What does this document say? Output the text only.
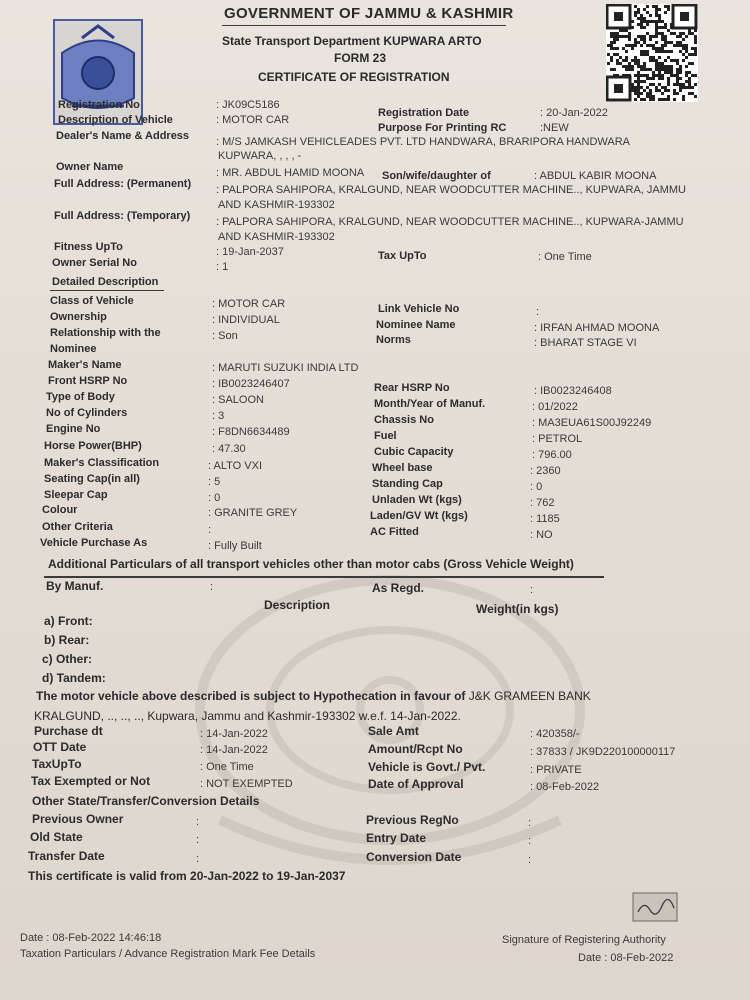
GOVERNMENT OF JAMMU & KASHMIR
State Transport Department KUPWARA ARTO
FORM 23
CERTIFICATE OF REGISTRATION
Registration No	: JK09C5186
Registration Date	: 20-Jan-2022
Description of Vehicle	: MOTOR CAR
Purpose For Printing RC	:NEW
Dealer's Name & Address : M/S JAMKASH VEHICLEADES PVT. LTD HANDWARA, BRARIPORA HANDWARA
KUPWARA, , , , -
Owner Name	: MR. ABDUL HAMID MOONA Son/wife/daughter of	: ABDUL KABIR MOONA
Full Address: (Permanent) : PALPORA SAHIPORA, KRALGUND, NEAR WOODCUTTER MACHINE.., KUPWARA, JAMMU
AND KASHMIR-193302
Full Address: (Temporary) : PALPORA SAHIPORA, KRALGUND, NEAR WOODCUTTER MACHINE.., KUPWARA-JAMMU
AND KASHMIR-193302
Fitness UpTo	: 19-Jan-2037	Tax UpTo	: One Time
Owner Serial No	: 1
Detailed Description
Additional Particulars of all transport vehicles other than motor cabs (Gross Vehicle Weight)
By Manuf.	:	As Regd.	:
Description	Weight(in kgs)
a) Front:
b) Rear:
c) Other:
d) Tandem:
The motor vehicle above described is subject to Hypothecation in favour of J&K GRAMEEN BANK
KRALGUND, .., .., .., Kupwara, Jammu and Kashmir-193302 w.e.f. 14-Jan-2022.
Other State/Transfer/Conversion Details
This certificate is valid from 20-Jan-2022 to 19-Jan-2037
Date : 08-Feb-2022 14:46:18
Taxation Particulars / Advance Registration Mark Fee Details
Signature of Registering Authority
Date : 08-Feb-2022
Class of Vehicle	: MOTOR CAR
Ownership	: INDIVIDUAL
Relationship with the	: Son
Nominee
Maker's Name	: MARUTI SUZUKI INDIA LTD
Front HSRP No	: IB0023246407
Type of Body	: SALOON
No of Cylinders	: 3
Engine No	: F8DN6634489
Horse Power(BHP)	: 47.30
Maker's Classification	: ALTO VXI
Seating Cap(in all)	: 5
Sleepar Cap	: 0
Colour	: GRANITE GREY
Other Criteria	:
Vehicle Purchase As	: Fully Built
Link Vehicle No	:
Nominee Name	: IRFAN AHMAD MOONA
Norms	: BHARAT STAGE VI
Rear HSRP No	: IB0023246408
Month/Year of Manuf.	: 01/2022
Chassis No	: MA3EUA61S00J92249
Fuel	: PETROL
Cubic Capacity	: 796.00
Wheel base	: 2360
Standing Cap	: 0
Unladen Wt (kgs)	: 762
Laden/GV Wt (kgs)	: 1185
AC Fitted	: NO
Purchase dt	: 14-Jan-2022
OTT Date	: 14-Jan-2022
TaxUpTo	: One Time
Tax Exempted or Not	: NOT EXEMPTED
Sale Amt	: 420358/-
Amount/Rcpt No	: 37833 / JK9D220100000117
Vehicle is Govt./ Pvt.	: PRIVATE
Date of Approval	: 08-Feb-2022
Previous Owner	:
Old State	:
Transfer Date	:
Previous RegNo	:
Entry Date	:
Conversion Date	:
